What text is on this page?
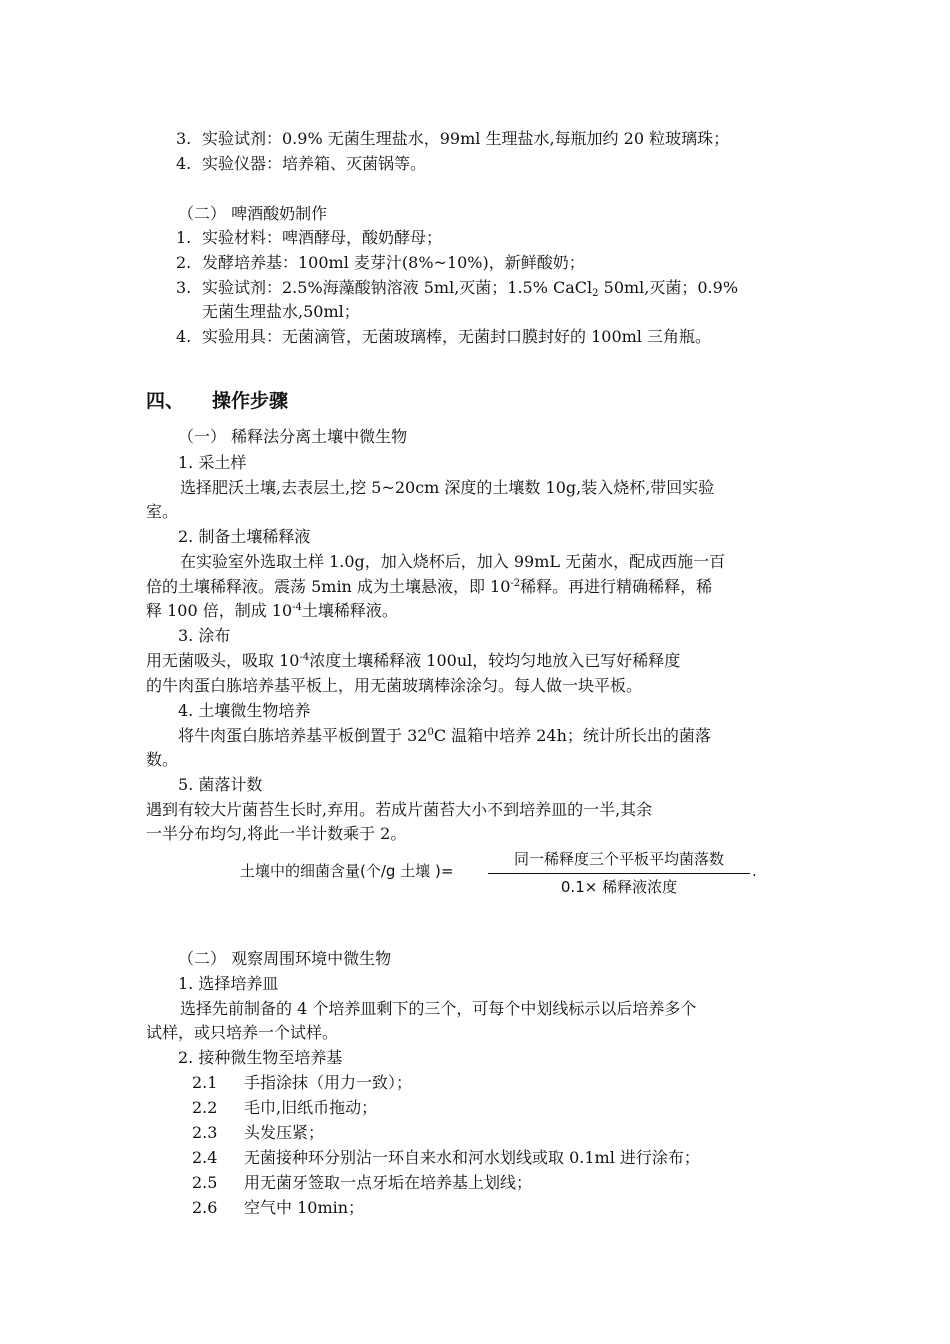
3. 实验试剂：0.9% 无菌生理盐水，99ml 生理盐水,每瓶加约 20 粒玻璃珠；
4. 实验仪器：培养箱、灭菌锅等。
（二） 啤酒酸奶制作
1. 实验材料：啤酒酵母，酸奶酵母；
2. 发酵培养基：100ml 麦芽汁(8%~10%)，新鲜酸奶；
3. 实验试剂：2.5%海藻酸钠溶液 5ml,灭菌；1.5% CaCl$_2$ 50ml,灭菌；0.9%
无菌生理盐水,50ml；
4. 实验用具：无菌滴管，无菌玻璃棒，无菌封口膜封好的 100ml 三角瓶。
四、 操作步骤
（一） 稀释法分离土壤中微生物
1. 采土样
选择肥沃土壤,去表层土,挖 5~20cm 深度的土壤数 10g,装入烧杯,带回实验
室。
2. 制备土壤稀释液
在实验室外选取土样 1.0g，加入烧杯后，加入 99mL 无菌水，配成西施一百
倍的土壤稀释液。震荡 5min 成为土壤悬液，即 $10^{-2}$稀释。再进行精确稀释，稀
释 100 倍，制成 $10^{-4}$土壤稀释液。
3. 涂布
用无菌吸头，吸取 $10^{-4}$浓度土壤稀释液 100ul，较均匀地放入已写好稀释度
的牛肉蛋白胨培养基平板上，用无菌玻璃棒涂涂匀。每人做一块平板。
4. 土壤微生物培养
将牛肉蛋白胨培养基平板倒置于 $32^0C$ 温箱中培养 24h；统计所长出的菌落
数。
5. 菌落计数
遇到有较大片菌苔生长时,弃用。若成片菌苔大小不到培养皿的一半,其余
一半分布均匀,将此一半计数乘于 2。
土壤中的细菌含量(个/g 土壤 )=
同一稀释度三个平板平均菌落数
0.1× 稀释液浓度
.
（二） 观察周围环境中微生物
1. 选择培养皿
选择先前制备的 4 个培养皿剩下的三个，可每个中划线标示以后培养多个
试样，或只培养一个试样。
2. 接种微生物至培养基
2.1 手指涂抹（用力一致）；
2.2 毛巾,旧纸币拖动；
2.3 头发压紧；
2.4 无菌接种环分别沾一环自来水和河水划线或取 0.1ml 进行涂布；
2.5 用无菌牙签取一点牙垢在培养基上划线；
2.6 空气中 10min；
